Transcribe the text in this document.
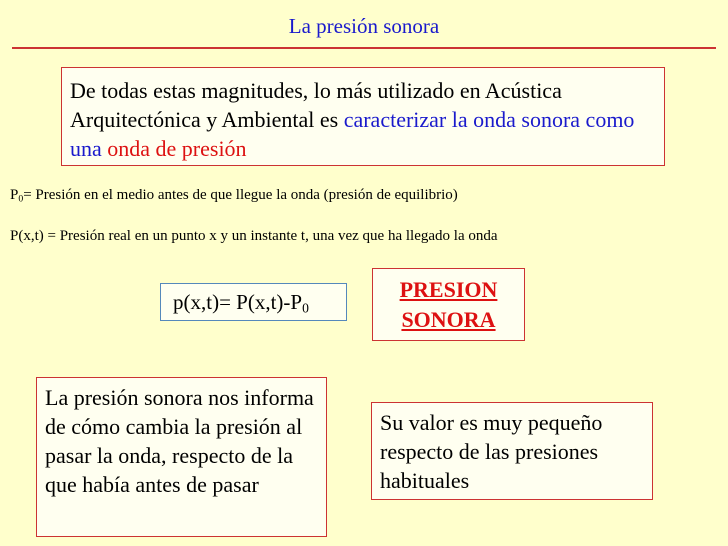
La presión sonora
De todas estas magnitudes, lo más utilizado en Acústica Arquitectónica y Ambiental es caracterizar la onda sonora como una onda de presión
$P_0=$ Presión en el medio antes de que llegue la onda (presión de equilibrio)
P(x,t) = Presión real en un punto x y un instante t, una vez que ha llegado la onda
$p(x,t)= P(x,t)-P_0$
PRESION
SONORA
La presión sonora nos informa de cómo cambia la presión al pasar la onda, respecto de la que había antes de pasar
Su valor es muy pequeño respecto de las presiones habituales
